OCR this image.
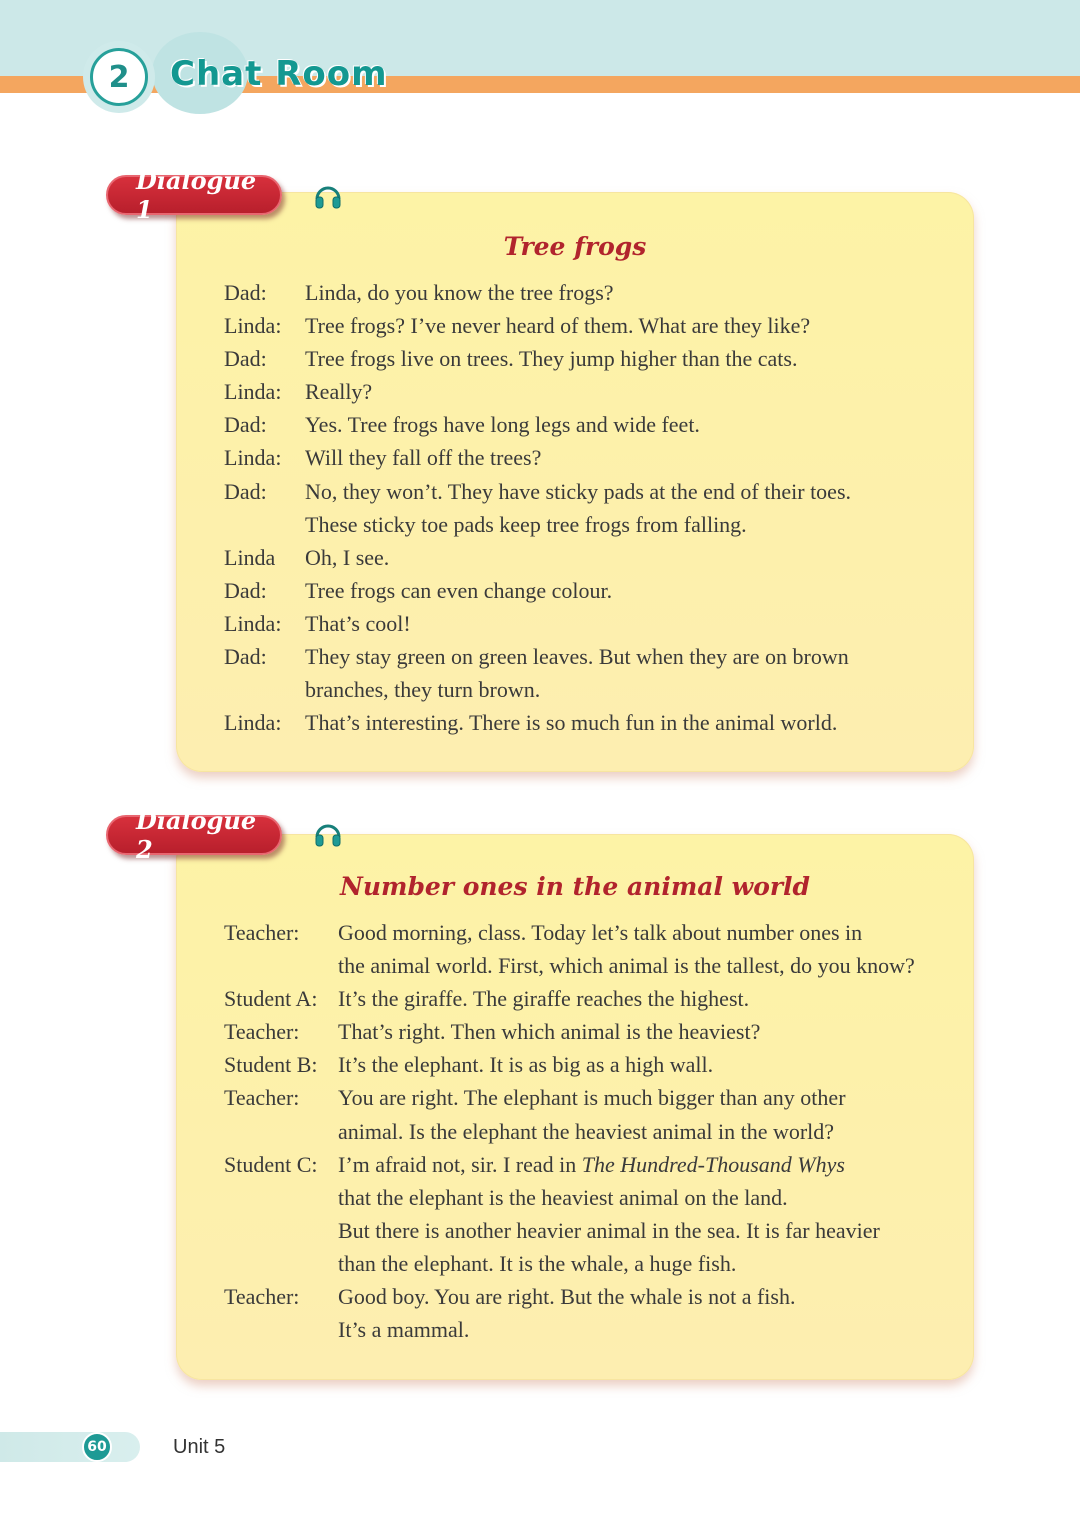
2	Chat Room
Dialogue 1
Tree frogs
Dad:	Linda, do you know the tree frogs?
Linda:	Tree frogs? I’ve never heard of them. What are they like?
Dad:	Tree frogs live on trees. They jump higher than the cats.
Linda:	Really?
Dad:	Yes. Tree frogs have long legs and wide feet.
Linda:	Will they fall off the trees?
Dad:	No, they won’t. They have sticky pads at the end of their toes.
These sticky toe pads keep tree frogs from falling.
Linda	Oh, I see.
Dad:	Tree frogs can even change colour.
Linda:	That’s cool!
Dad:	They stay green on green leaves. But when they are on brown
branches, they turn brown.
Linda:	That’s interesting. There is so much fun in the animal world.
Dialogue 2
Number ones in the animal world
Teacher:	Good morning, class. Today let’s talk about number ones in
the animal world. First, which animal is the tallest, do you know?
Student A: It’s the giraffe. The giraffe reaches the highest.
Teacher:	That’s right. Then which animal is the heaviest?
Student B: It’s the elephant. It is as big as a high wall.
Teacher:	You are right. The elephant is much bigger than any other
animal. Is the elephant the heaviest animal in the world?
Student C: I’m afraid not, sir. I read in The Hundred-Thousand Whys
that the elephant is the heaviest animal on the land.
But there is another heavier animal in the sea. It is far heavier
than the elephant. It is the whale, a huge fish.
Teacher:	Good boy. You are right. But the whale is not a fish.
It’s a mammal.
60	Unit 5
